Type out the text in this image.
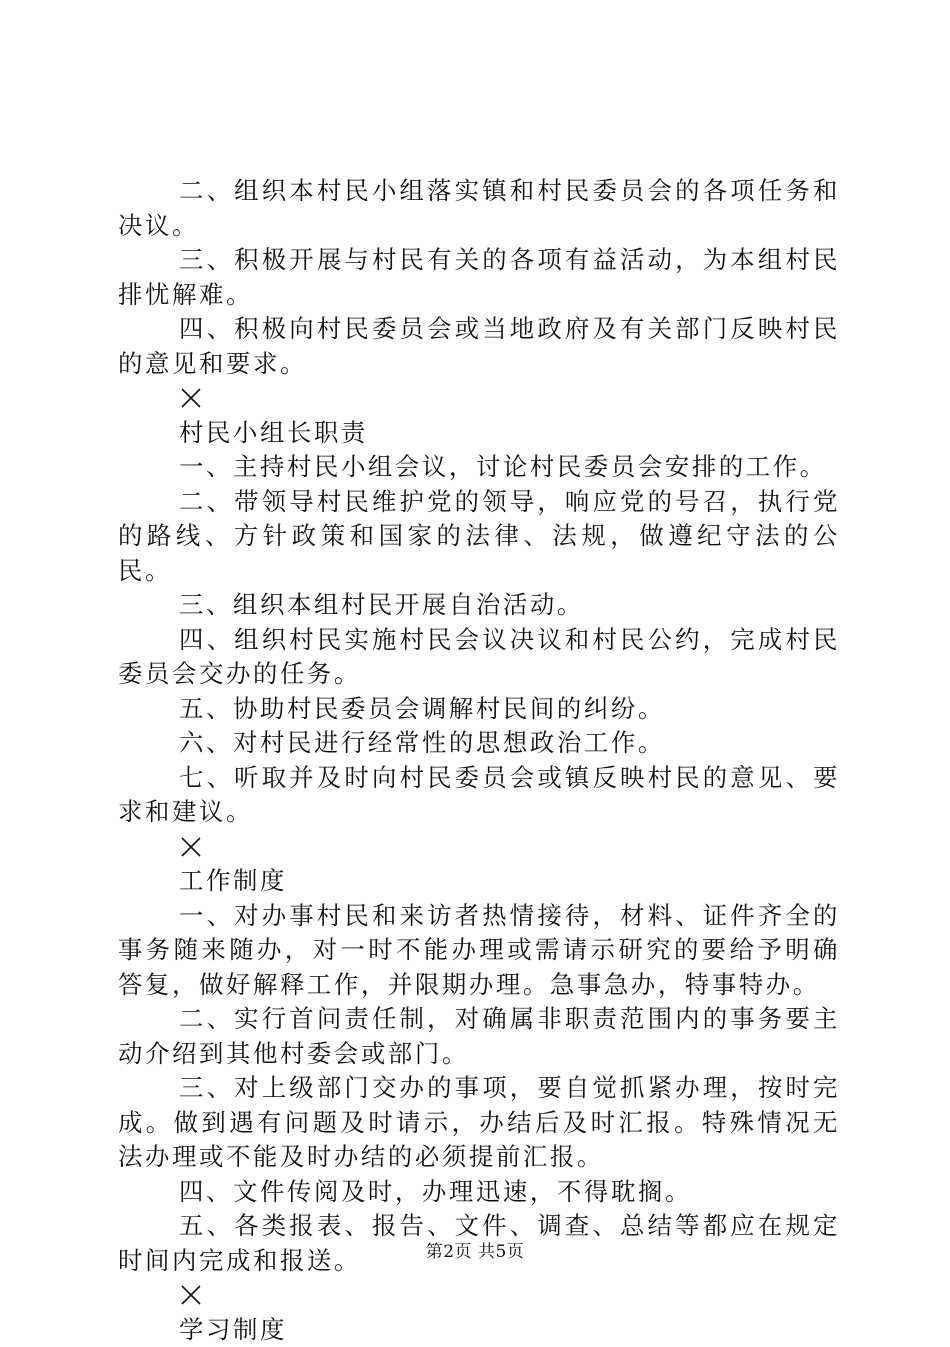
二、组织本村民小组落实镇和村民委员会的各项任务和决议。

三、积极开展与村民有关的各项有益活动，为本组村民排忧解难。

四、积极向村民委员会或当地政府及有关部门反映村民的意见和要求。

村民小组长职责

一、主持村民小组会议，讨论村民委员会安排的工作。

二、带领导村民维护党的领导，响应党的号召，执行党的路线、方针政策和国家的法律、法规，做遵纪守法的公民。

三、组织本组村民开展自治活动。

四、组织村民实施村民会议决议和村民公约，完成村民委员会交办的任务。

五、协助村民委员会调解村民间的纠纷。

六、对村民进行经常性的思想政治工作。

七、听取并及时向村民委员会或镇反映村民的意见、要求和建议。

工作制度

一、对办事村民和来访者热情接待，材料、证件齐全的事务随来随办，对一时不能办理或需请示研究的要给予明确答复，做好解释工作，并限期办理。急事急办，特事特办。

二、实行首问责任制，对确属非职责范围内的事务要主动介绍到其他村委会或部门。

三、对上级部门交办的事项，要自觉抓紧办理，按时完成。做到遇有问题及时请示，办结后及时汇报。特殊情况无法办理或不能及时办结的必须提前汇报。

四、文件传阅及时，办理迅速，不得耽搁。

五、各类报表、报告、文件、调查、总结等都应在规定时间内完成和报送。

学习制度

第2页 共5页
